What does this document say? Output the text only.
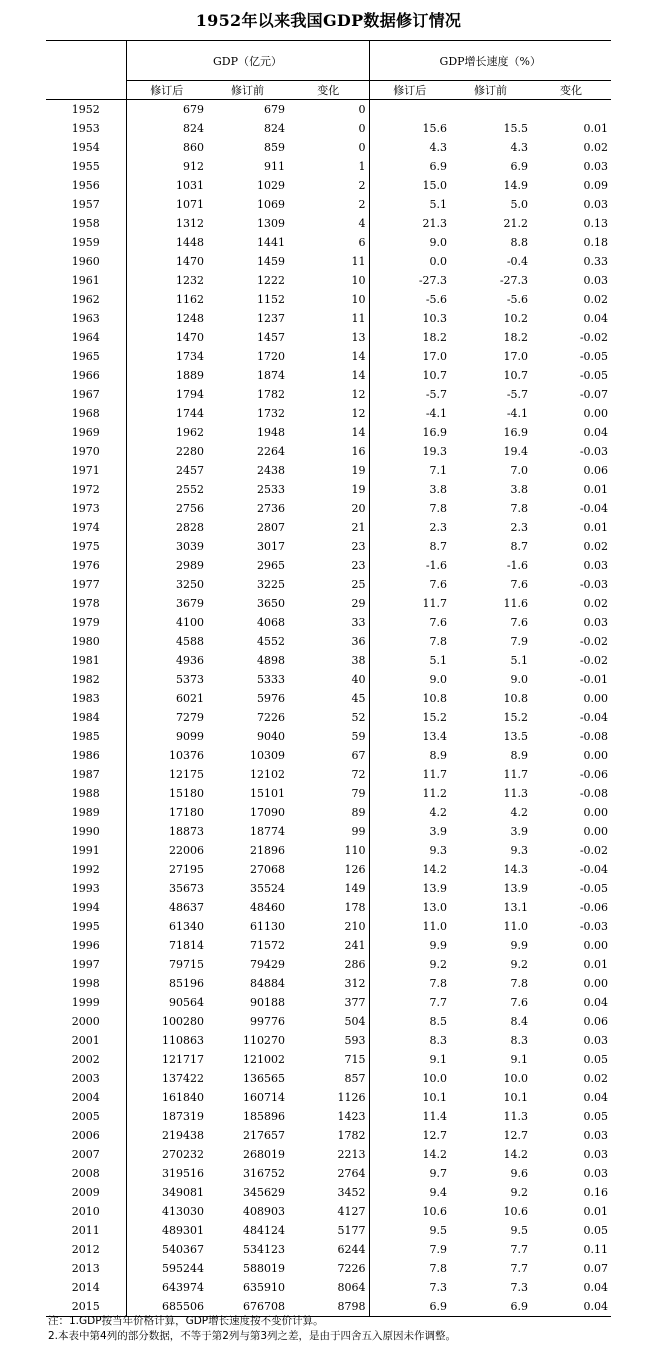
1952年以来我国GDP数据修订情况
	GDP（亿元）			GDP增长速度（%）		
	修订后	修订前	变化	修订后	修订前	变化
1952	679	679	0			
1953	824	824	0	15.6	15.5	0.01
1954	860	859	0	4.3	4.3	0.02
1955	912	911	1	6.9	6.9	0.03
1956	1031	1029	2	15.0	14.9	0.09
1957	1071	1069	2	5.1	5.0	0.03
1958	1312	1309	4	21.3	21.2	0.13
1959	1448	1441	6	9.0	8.8	0.18
1960	1470	1459	11	0.0	-0.4	0.33
1961	1232	1222	10	-27.3	-27.3	0.03
1962	1162	1152	10	-5.6	-5.6	0.02
1963	1248	1237	11	10.3	10.2	0.04
1964	1470	1457	13	18.2	18.2	-0.02
1965	1734	1720	14	17.0	17.0	-0.05
1966	1889	1874	14	10.7	10.7	-0.05
1967	1794	1782	12	-5.7	-5.7	-0.07
1968	1744	1732	12	-4.1	-4.1	0.00
1969	1962	1948	14	16.9	16.9	0.04
1970	2280	2264	16	19.3	19.4	-0.03
1971	2457	2438	19	7.1	7.0	0.06
1972	2552	2533	19	3.8	3.8	0.01
1973	2756	2736	20	7.8	7.8	-0.04
1974	2828	2807	21	2.3	2.3	0.01
1975	3039	3017	23	8.7	8.7	0.02
1976	2989	2965	23	-1.6	-1.6	0.03
1977	3250	3225	25	7.6	7.6	-0.03
1978	3679	3650	29	11.7	11.6	0.02
1979	4100	4068	33	7.6	7.6	0.03
1980	4588	4552	36	7.8	7.9	-0.02
1981	4936	4898	38	5.1	5.1	-0.02
1982	5373	5333	40	9.0	9.0	-0.01
1983	6021	5976	45	10.8	10.8	0.00
1984	7279	7226	52	15.2	15.2	-0.04
1985	9099	9040	59	13.4	13.5	-0.08
1986	10376	10309	67	8.9	8.9	0.00
1987	12175	12102	72	11.7	11.7	-0.06
1988	15180	15101	79	11.2	11.3	-0.08
1989	17180	17090	89	4.2	4.2	0.00
1990	18873	18774	99	3.9	3.9	0.00
1991	22006	21896	110	9.3	9.3	-0.02
1992	27195	27068	126	14.2	14.3	-0.04
1993	35673	35524	149	13.9	13.9	-0.05
1994	48637	48460	178	13.0	13.1	-0.06
1995	61340	61130	210	11.0	11.0	-0.03
1996	71814	71572	241	9.9	9.9	0.00
1997	79715	79429	286	9.2	9.2	0.01
1998	85196	84884	312	7.8	7.8	0.00
1999	90564	90188	377	7.7	7.6	0.04
2000	100280	99776	504	8.5	8.4	0.06
2001	110863	110270	593	8.3	8.3	0.03
2002	121717	121002	715	9.1	9.1	0.05
2003	137422	136565	857	10.0	10.0	0.02
2004	161840	160714	1126	10.1	10.1	0.04
2005	187319	185896	1423	11.4	11.3	0.05
2006	219438	217657	1782	12.7	12.7	0.03
2007	270232	268019	2213	14.2	14.2	0.03
2008	319516	316752	2764	9.7	9.6	0.03
2009	349081	345629	3452	9.4	9.2	0.16
2010	413030	408903	4127	10.6	10.6	0.01
2011	489301	484124	5177	9.5	9.5	0.05
2012	540367	534123	6244	7.9	7.7	0.11
2013	595244	588019	7226	7.8	7.7	0.07
2014	643974	635910	8064	7.3	7.3	0.04
2015	685506	676708	8798	6.9	6.9	0.04
注：1.GDP按当年价格计算，GDP增长速度按不变价计算。
2.本表中第4列的部分数据，不等于第2列与第3列之差，是由于四舍五入原因未作调整。
